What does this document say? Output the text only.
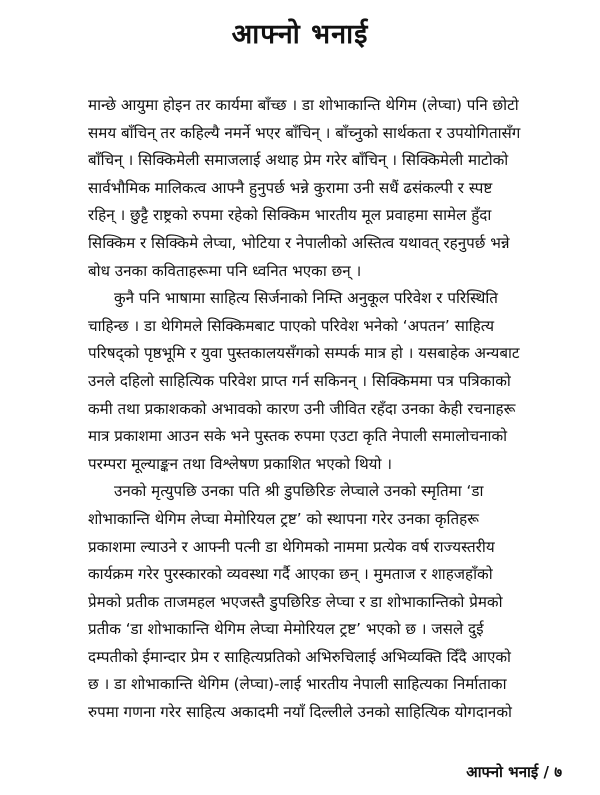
आफ्नो भनाई

मान्छे आयुमा होइन तर कार्यमा बाँच्छ । डा शोभाकान्ति थेगिम (लेप्चा) पनि छोटो
समय बाँचिन् तर कहिल्यै नमर्ने भएर बाँचिन् । बाँच्नुको सार्थकता र उपयोगितासँग
बाँचिन् । सिक्किमेली समाजलाई अथाह प्रेम गरेर बाँचिन् । सिक्किमेली माटोको
सार्वभौमिक मालिकत्व आफ्नै हुनुपर्छ भन्ने कुरामा उनी सधैं ढसंकल्पी र स्पष्ट
रहिन् । छुट्टै राष्ट्रको रुपमा रहेको सिक्किम भारतीय मूल प्रवाहमा सामेल हुँदा
सिक्किम र सिक्किमे लेप्चा, भोटिया र नेपालीको अस्तित्व यथावत् रहनुपर्छ भन्ने
बोध उनका कविताहरूमा पनि ध्वनित भएका छन् ।

कुनै पनि भाषामा साहित्य सिर्जनाको निम्ति अनुकूल परिवेश र परिस्थिति
चाहिन्छ । डा थेगिमले सिक्किमबाट पाएको परिवेश भनेको ‘अपतन’ साहित्य
परिषद्को पृष्ठभूमि र युवा पुस्तकालयसँगको सम्पर्क मात्र हो । यसबाहेक अन्यबाट
उनले दहिलो साहित्यिक परिवेश प्राप्त गर्न सकिनन् । सिक्किममा पत्र पत्रिकाको
कमी तथा प्रकाशकको अभावको कारण उनी जीवित रहँदा उनका केही रचनाहरू
मात्र प्रकाशमा आउन सके भने पुस्तक रुपमा एउटा कृति नेपाली समालोचनाको
परम्परा मूल्याङ्कन तथा विश्लेषण प्रकाशित भएको थियो ।

उनको मृत्युपछि उनका पति श्री डुपछिरिङ लेप्चाले उनको स्मृतिमा ‘डा
शोभाकान्ति थेगिम लेप्चा मेमोरियल ट्रष्ट’ को स्थापना गरेर उनका कृतिहरू
प्रकाशमा ल्याउने र आफ्नी पत्नी डा थेगिमको नाममा प्रत्येक वर्ष राज्यस्तरीय
कार्यक्रम गरेर पुरस्कारको व्यवस्था गर्दै आएका छन् । मुमताज र शाहजहाँको
प्रेमको प्रतीक ताजमहल भएजस्तै डुपछिरिङ लेप्चा र डा शोभाकान्तिको प्रेमको
प्रतीक ‘डा शोभाकान्ति थेगिम लेप्चा मेमोरियल ट्रष्ट’ भएको छ । जसले दुई
दम्पतीको ईमान्दार प्रेम र साहित्यप्रतिको अभिरुचिलाई अभिव्यक्ति दिँदै आएको
छ । डा शोभाकान्ति थेगिम (लेप्चा)-लाई भारतीय नेपाली साहित्यका निर्माताका
रुपमा गणना गरेर साहित्य अकादमी नयाँ दिल्लीले उनको साहित्यिक योगदानको

आफ्नो भनाई / ७
